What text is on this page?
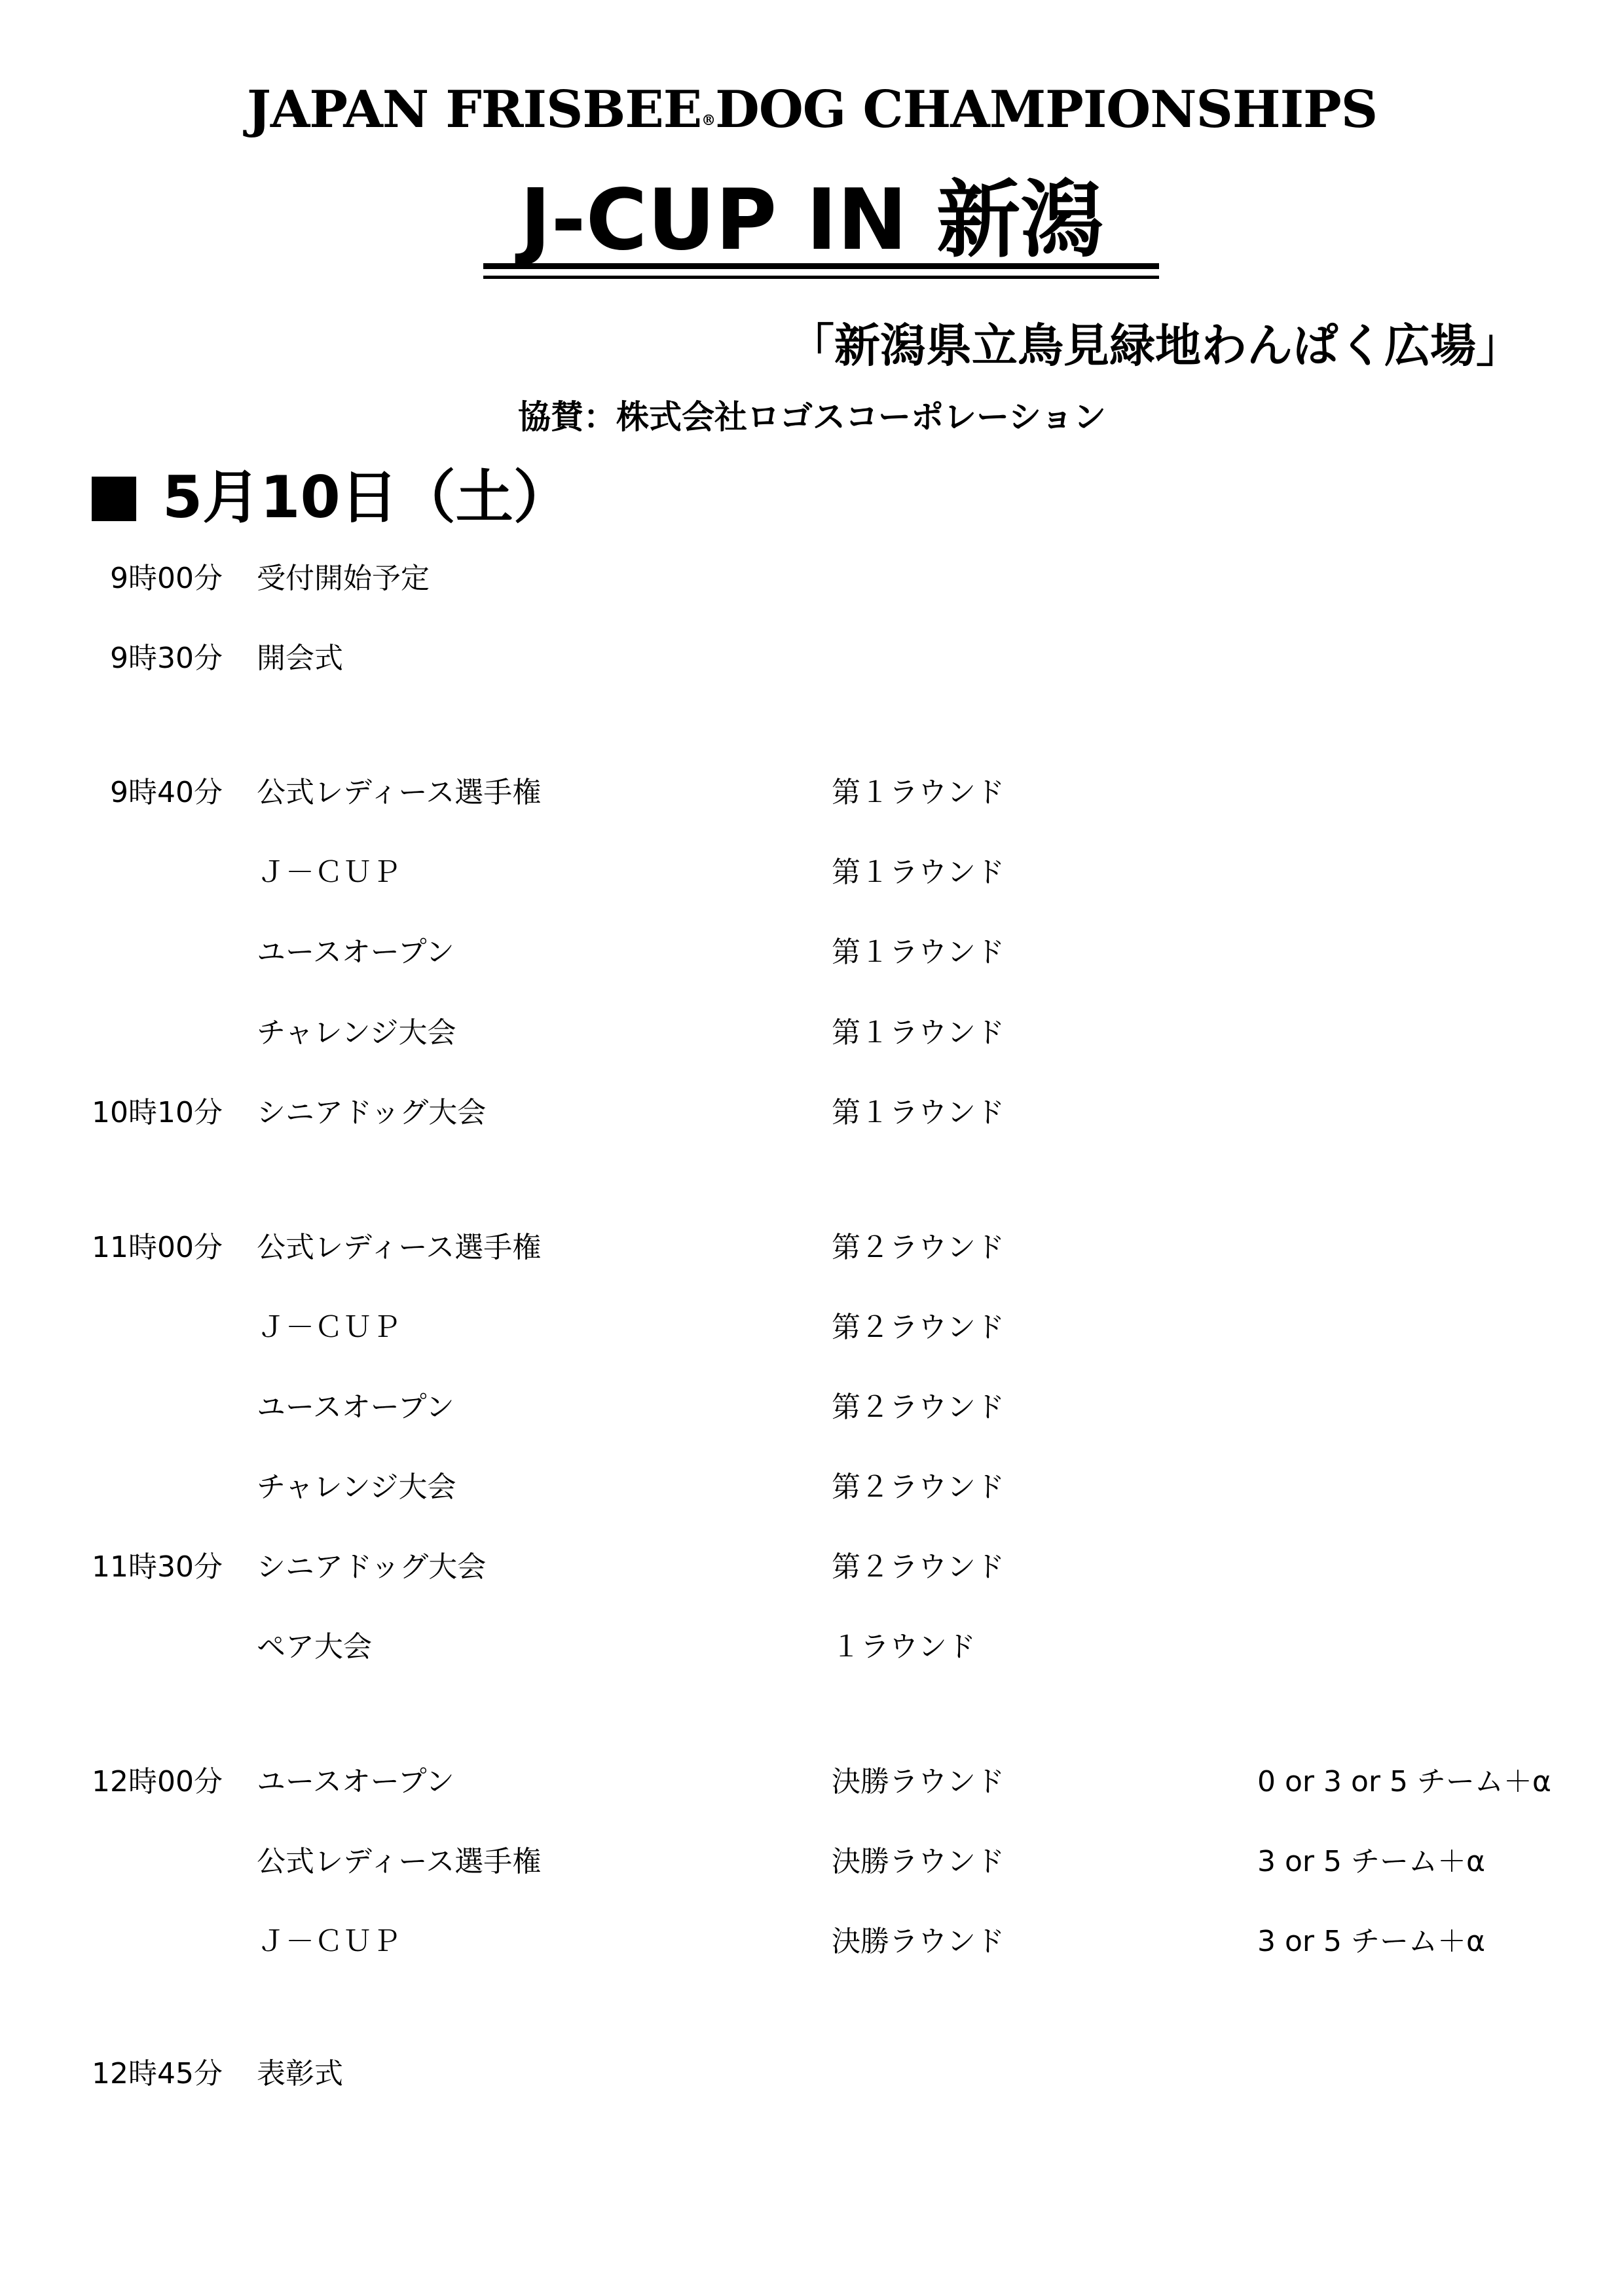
JAPAN FRISBEE®DOG CHAMPIONSHIPS
J-CUP IN 新潟
「新潟県立鳥見緑地わんぱく広場」
協賛：株式会社ロゴスコーポレーション
5月10日（土）
9時00分 受付開始予定
9時30分 開会式
9時40分 公式レディース選手権	第１ラウンド
Ｊ－ＣＵＰ	第１ラウンド
ユースオープン	第１ラウンド
チャレンジ大会	第１ラウンド
10時10分 シニアドッグ大会	第１ラウンド
11時00分 公式レディース選手権	第２ラウンド
Ｊ－ＣＵＰ	第２ラウンド
ユースオープン	第２ラウンド
チャレンジ大会	第２ラウンド
11時30分 シニアドッグ大会	第２ラウンド
ペア大会	１ラウンド
12時00分 ユースオープン	決勝ラウンド	0 or 3 or 5 チーム＋α
公式レディース選手権	決勝ラウンド	3 or 5 チーム＋α
Ｊ－ＣＵＰ	決勝ラウンド	3 or 5 チーム＋α
12時45分 表彰式
